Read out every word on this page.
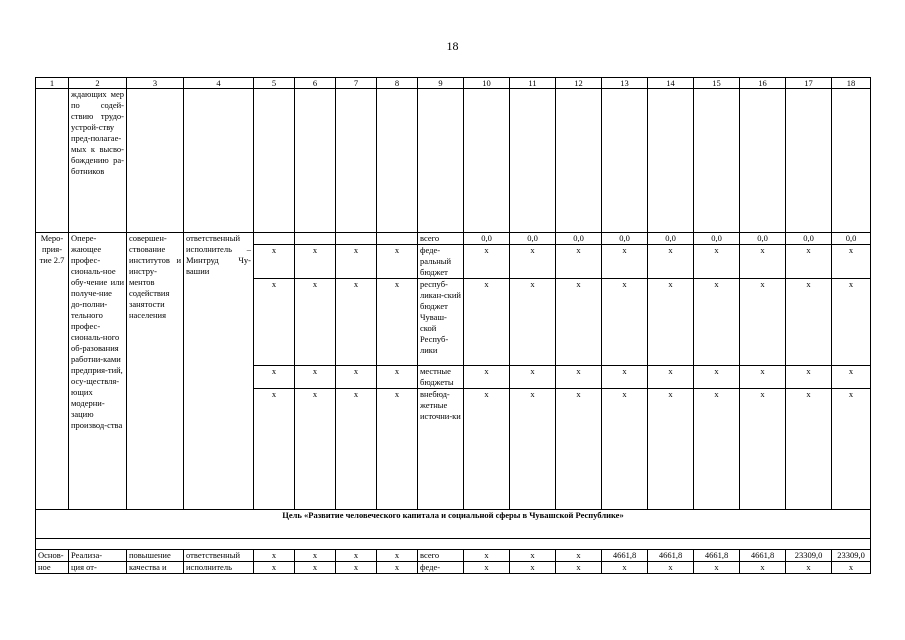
18
1	2	3	4	5	6	7	8	9	10	11	12	13	14	15	16	17	18
	ждающих мер по содей-ствию трудо-устрой-ству пред-полагае-мых к высво-бождению ра-ботников																
Меро-прия-тие 2.7	Опере-жающее профес-сиональ-ное обу-чение или получе-ние до-полни-тельного профес-сиональ-ного об-разования работни-ками предприя-тий, осу-ществля-ющих модерни-зацию производ-ства	совершен-ствование институтов и инстру-ментов содействия занятости населения	ответственный исполнитель – Минтруд Чу-вашии					всего	0,0	0,0	0,0	0,0	0,0	0,0	0,0	0,0	0,0
				х	х	х	х	феде-ральный бюджет	х	х	х	х	х	х	х	х	х
				х	х	х	х	респуб-ликан-ский бюджет Чуваш-ской Респуб-лики	х	х	х	х	х	х	х	х	х
				х	х	х	х	местные бюджеты	х	х	х	х	х	х	х	х	х
				х	х	х	х	внебюд-жетные источни-ки	х	х	х	х	х	х	х	х	х
Цель «Развитие человеческого капитала и социальной сферы в Чувашской Республике»																	

Основ-	Реализа-	повышение	ответственный	х	х	х	х	всего	х	х	х	4661,8	4661,8	4661,8	4661,8	23309,0	23309,0
ное	ция от-	качества и	исполнитель	х	х	х	х	феде-	х	х	х	х	х	х	х	х	х
